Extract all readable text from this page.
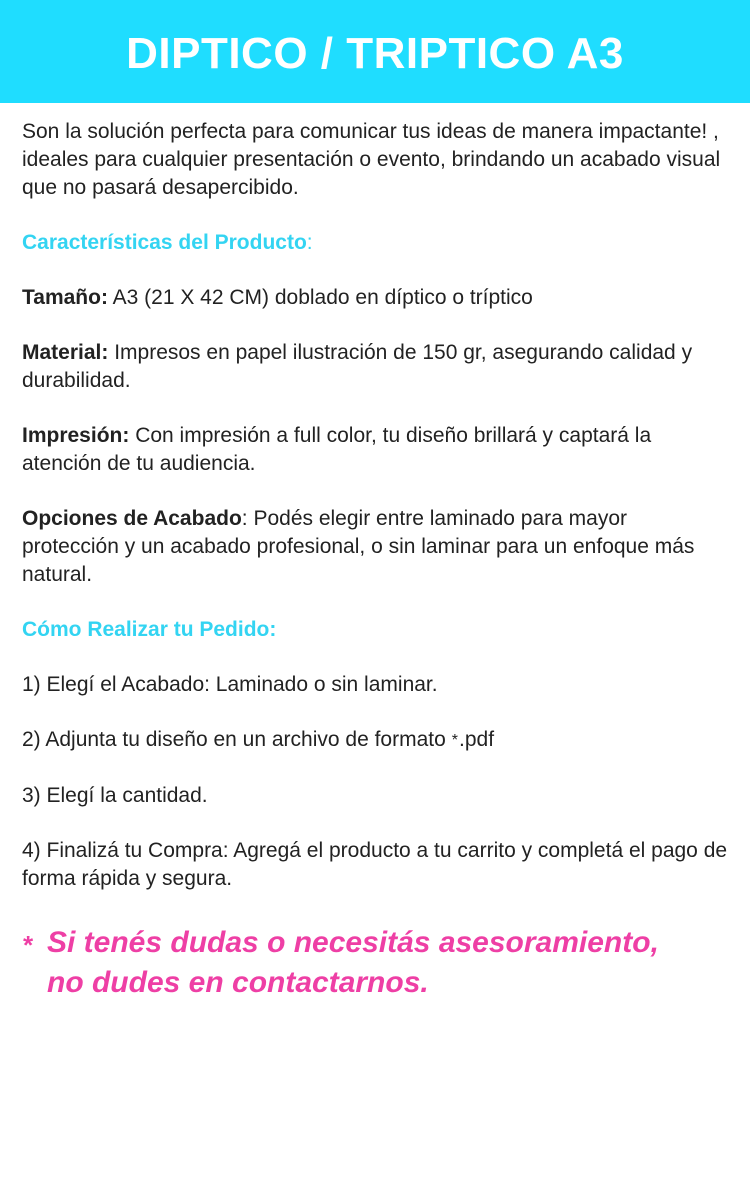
DIPTICO / TRIPTICO A3

Son la solución perfecta para comunicar tus ideas de manera impactante! , ideales para cualquier presentación o evento, brindando un acabado visual que no pasará desapercibido.

Características del Producto:

Tamaño: A3 (21 X 42 CM) doblado en díptico o tríptico

Material: Impresos en papel ilustración de 150 gr, asegurando calidad y durabilidad.

Impresión: Con impresión a full color, tu diseño brillará y captará la atención de tu audiencia.

Opciones de Acabado: Podés elegir entre laminado para mayor protección y un acabado profesional, o sin laminar para un enfoque más natural.

Cómo Realizar tu Pedido:

1) Elegí el Acabado: Laminado o sin laminar.

2) Adjunta tu diseño en un archivo de formato *.pdf

3) Elegí la cantidad.

4) Finalizá tu Compra: Agregá el producto a tu carrito y completá el pago de forma rápida y segura.

* Si tenés dudas o necesitás asesoramiento,
no dudes en contactarnos.
